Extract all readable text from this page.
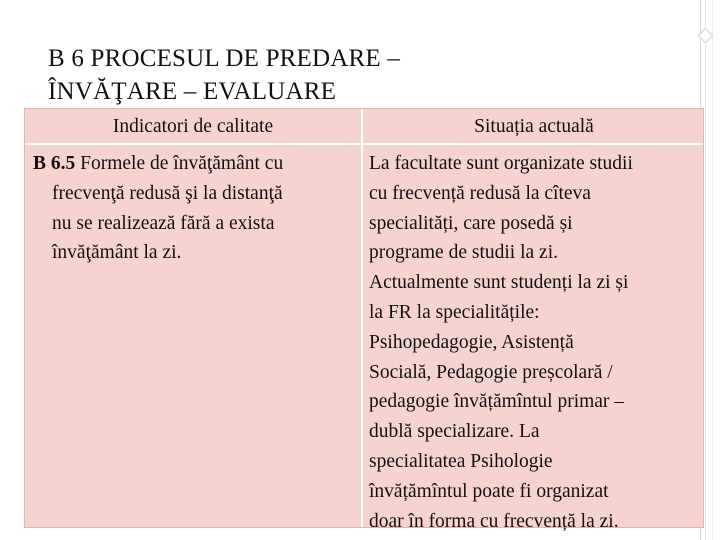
B 6 PROCESUL DE PREDARE –
ÎNVĂŢARE – EVALUARE
Indicatori de calitate	Situația actuală
B 6.5 Formele de învăţământ cu
frecvenţă redusă şi la distanţă
nu se realizează fără a exista
învăţământ la zi.
La facultate sunt organizate studii
cu frecvență redusă la cîteva
specialități, care posedă și
programe de studii la zi.
Actualmente sunt studenți la zi și
la FR la specialitățile:
Psihopedagogie, Asistență
Socială, Pedagogie preșcolară /
pedagogie învățămîntul primar –
dublă specializare. La
specialitatea Psihologie
învățămîntul poate fi organizat
doar în forma cu frecvență la zi.
